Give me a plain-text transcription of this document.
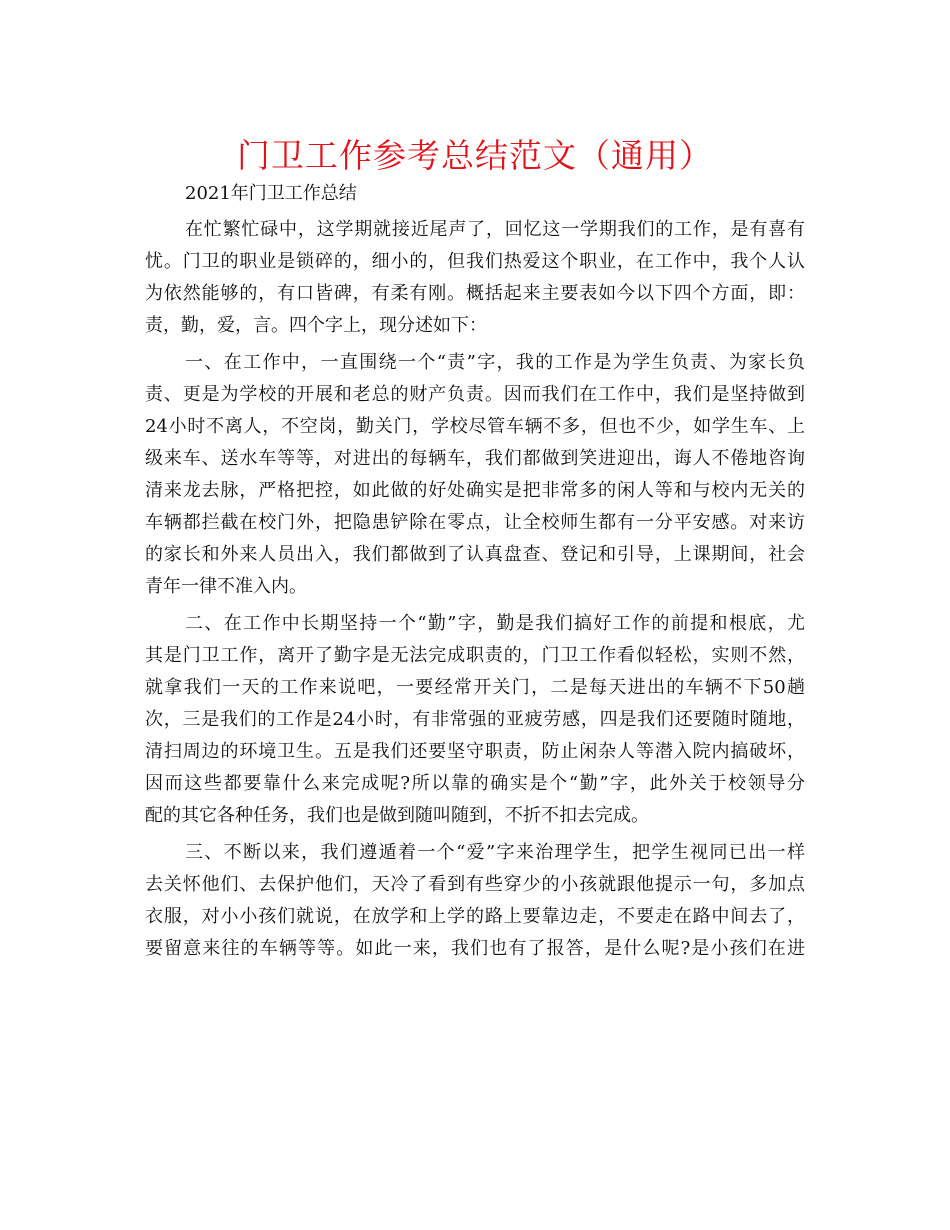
门卫工作参考总结范文（通用）
2021年门卫工作总结
在忙繁忙碌中，这学期就接近尾声了，回忆这一学期我们的工作，是有喜有
忧。门卫的职业是锁碎的，细小的，但我们热爱这个职业，在工作中，我个人认
为依然能够的，有口皆碑，有柔有刚。概括起来主要表如今以下四个方面，即：
责，勤，爱，言。四个字上，现分述如下：
一、在工作中，一直围绕一个“责”字，我的工作是为学生负责、为家长负
责、更是为学校的开展和老总的财产负责。因而我们在工作中，我们是坚持做到
24小时不离人，不空岗，勤关门，学校尽管车辆不多，但也不少，如学生车、上
级来车、送水车等等，对进出的每辆车，我们都做到笑进迎出，诲人不倦地咨询
清来龙去脉，严格把控，如此做的好处确实是把非常多的闲人等和与校内无关的
车辆都拦截在校门外，把隐患铲除在零点，让全校师生都有一分平安感。对来访
的家长和外来人员出入，我们都做到了认真盘查、登记和引导，上课期间，社会
青年一律不准入内。
二、在工作中长期坚持一个“勤”字，勤是我们搞好工作的前提和根底，尤
其是门卫工作，离开了勤字是无法完成职责的，门卫工作看似轻松，实则不然，
就拿我们一天的工作来说吧，一要经常开关门，二是每天进出的车辆不下50趟
次，三是我们的工作是24小时，有非常强的亚疲劳感，四是我们还要随时随地，
清扫周边的环境卫生。五是我们还要坚守职责，防止闲杂人等潜入院内搞破坏，
因而这些都要靠什么来完成呢?所以靠的确实是个“勤”字，此外关于校领导分
配的其它各种任务，我们也是做到随叫随到，不折不扣去完成。
三、不断以来，我们遵遁着一个“爱”字来治理学生，把学生视同已出一样
去关怀他们、去保护他们，天冷了看到有些穿少的小孩就跟他提示一句，多加点
衣服，对小小孩们就说，在放学和上学的路上要靠边走，不要走在路中间去了，
要留意来往的车辆等等。如此一来，我们也有了报答，是什么呢?是小孩们在进
